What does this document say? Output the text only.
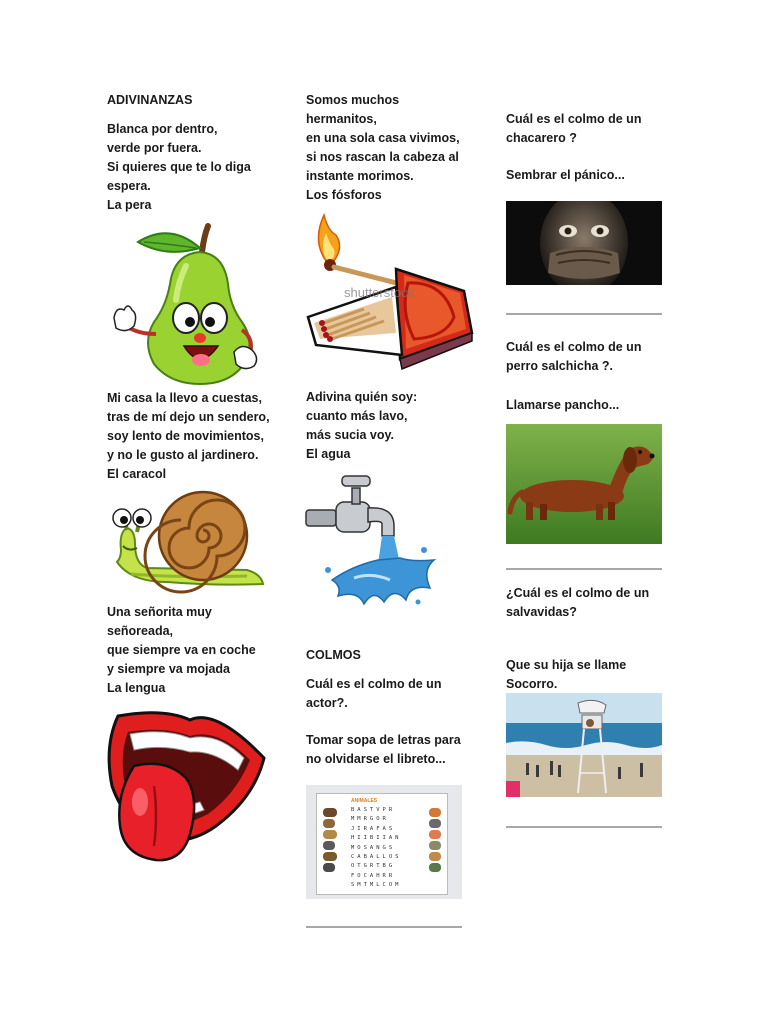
ADIVINANZAS
Blanca por dentro,
verde por fuera.
Si quieres que te lo diga
espera.
La pera
Mi casa la llevo a cuestas,
tras de mí dejo un sendero,
soy lento de movimientos,
y no le gusto al jardinero.
El caracol
Una señorita muy
señoreada,
que siempre va en coche
y siempre va mojada
La lengua
Somos muchos
hermanitos,
en una sola casa vivimos,
si nos rascan la cabeza al
instante morimos.
Los fósforos
shutterstock
Adivina quién soy:
cuanto más lavo,
más sucia voy.
El agua
COLMOS
Cuál es el colmo de un
actor?.
Tomar sopa de letras para
no olvidarse el libreto...
ANIMALES
BASTVPR
MMRGOR
JIRAFAS
HIIBIIAN
MOSANGS
CABALLOS
OTGRTBG
FOCAHRR
SMTMLCOM
Cuál es el colmo de un
chacarero ?
Sembrar el pánico...
Cuál es el colmo de un
perro salchicha ?.
Llamarse pancho...
¿Cuál es el colmo de un
salvavidas?
Que su hija se llame
Socorro.
